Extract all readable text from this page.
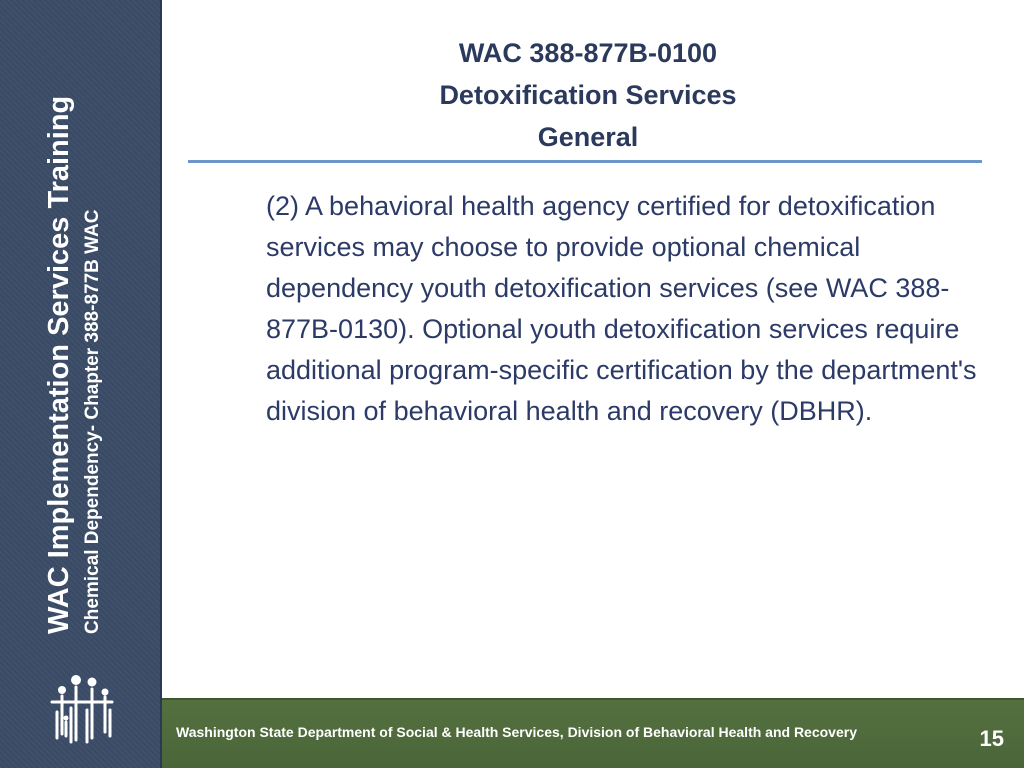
WAC Implementation Services Training Chemical Dependency- Chapter 388-877B WAC
WAC 388-877B-0100
Detoxification Services
General

(2) A behavioral health agency certified for detoxification services may choose to provide optional chemical dependency youth detoxification services (see WAC 388-877B-0130). Optional youth detoxification services require additional program-specific certification by the department's division of behavioral health and recovery (DBHR).

Washington State Department of Social & Health Services, Division of Behavioral Health and Recovery	15
